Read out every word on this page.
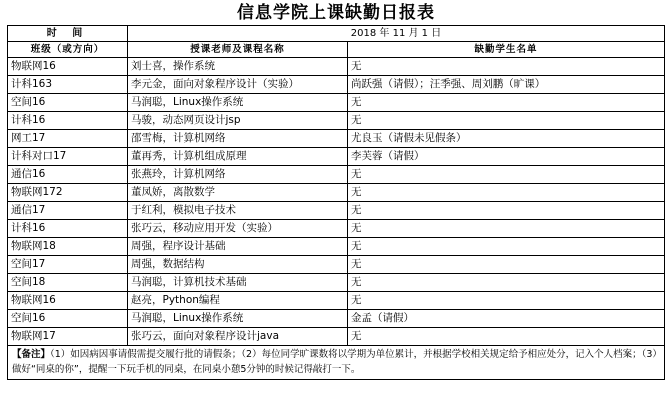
信息学院上课缺勤日报表
时 间	2018 年 11 月 1 日	
班级（或方向）	授课老师及课程名称	缺勤学生名单
物联网16	刘士喜，操作系统	无
计科163	李元金，面向对象程序设计（实验）	尚跃强（请假）；汪季强、周刘鹏（旷课）
空间16	马润聪，Linux操作系统	无
计科16	马骏，动态网页设计jsp	无
网工17	邵雪梅，计算机网络	尤良玉（请假未见假条）
计科对口17	董再秀，计算机组成原理	李芙蓉（请假）
通信16	张燕玲，计算机网络	无
物联网172	董凤娇，离散数学	无
通信17	于红利，模拟电子技术	无
计科16	张巧云，移动应用开发（实验）	无
物联网18	周强，程序设计基础	无
空间17	周强，数据结构	无
空间18	马润聪，计算机技术基础	无
物联网16	赵亮，Python编程	无
空间16	马润聪，Linux操作系统	金孟（请假）
物联网17	张巧云，面向对象程序设计java	无
【备注】（1）如因病因事请假需提交履行批的请假条；（2）每位同学旷课数将以学期为单位累计，并根据学校相关规定给予相应处分，记入个人档案；（3）做好“同桌的你”，提醒一下玩手机的同桌，在同桌小憩5分钟的时候记得敲打一下。		
